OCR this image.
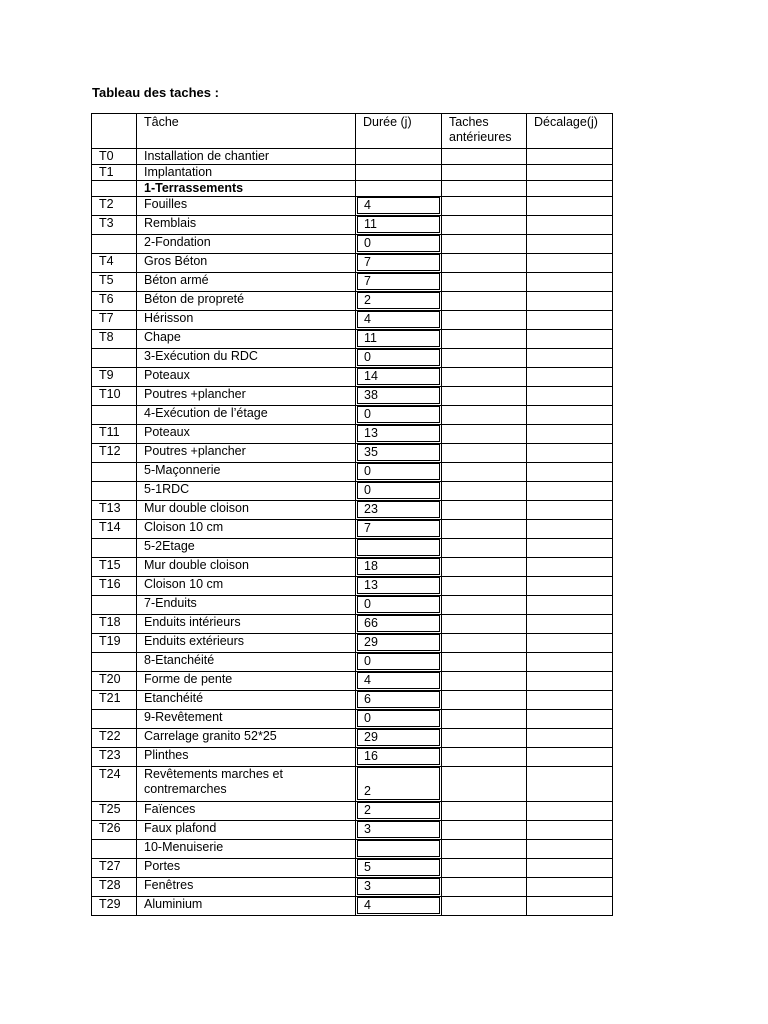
Tableau des taches :

	Tâche	Durée (j)	Taches antérieures	Décalage(j)
T0	Installation de chantier			
T1	Implantation			
	1-Terrassements			
T2	Fouilles	4		

T3	Remblais	11		

	2-Fondation	0		

T4	Gros Béton	7		

T5	Béton armé	7		

T6	Béton de propreté	2		

T7	Hérisson	4		

T8	Chape	11		

	3-Exécution du RDC	0		

T9	Poteaux	14		

T10	Poutres +plancher	38		

	4-Exécution de l’étage	0		

T11	Poteaux	13		

T12	Poutres +plancher	35		

	5-Maçonnerie	0		

	5-1RDC	0		

T13	Mur double cloison	23		

T14	Cloison 10 cm	7		

	5-2Etage	

T15	Mur double cloison	18		

T16	Cloison 10 cm	13		

	7-Enduits	0		

T18	Enduits intérieurs	66		

T19	Enduits extérieurs	29		

	8-Etanchéité	0		

T20	Forme de pente	4		

T21	Etanchéité	6		

	9-Revêtement	0		

T22	Carrelage granito 52*25	29		

T23	Plinthes	16		

T24	Revêtements marches et contremarches	2		

T25	Faïences	2		

T26	Faux plafond	3		

	10-Menuiserie	

T27	Portes	5		

T28	Fenêtres	3		

T29	Aluminium	4		
